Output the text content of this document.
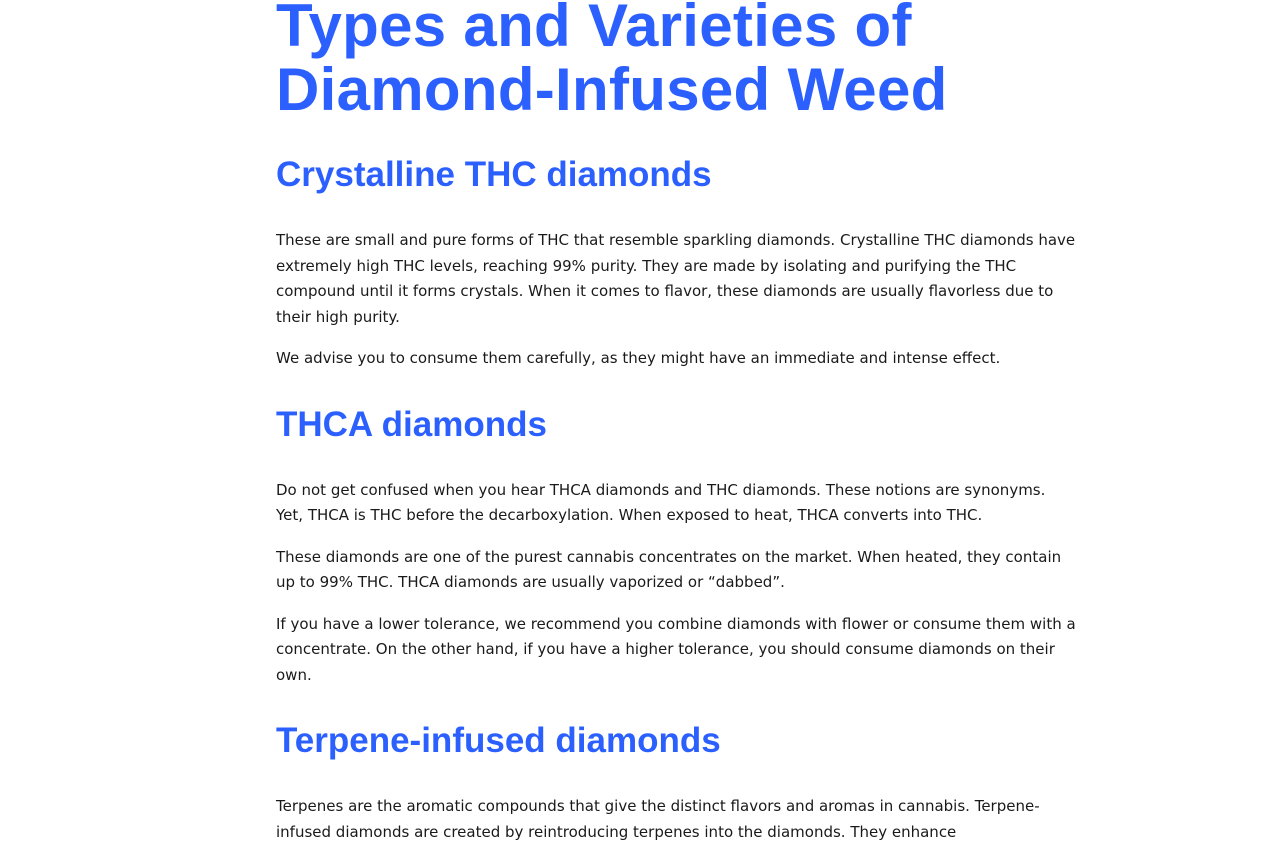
Types and Varieties of Diamond-Infused Weed
Crystalline THC diamonds

These are small and pure forms of THC that resemble sparkling diamonds. Crystalline THC diamonds have extremely high THC levels, reaching 99% purity. They are made by isolating and purifying the THC compound until it forms crystals. When it comes to flavor, these diamonds are usually flavorless due to their high purity.

We advise you to consume them carefully, as they might have an immediate and intense effect.

THCA diamonds

Do not get confused when you hear THCA diamonds and THC diamonds. These notions are synonyms. Yet, THCA is THC before the decarboxylation. When exposed to heat, THCA converts into THC.

These diamonds are one of the purest cannabis concentrates on the market. When heated, they contain up to 99% THC. THCA diamonds are usually vaporized or “dabbed”.

If you have a lower tolerance, we recommend you combine diamonds with flower or consume them with a concentrate. On the other hand, if you have a higher tolerance, you should consume diamonds on their own.

Terpene-infused diamonds

Terpenes are the aromatic compounds that give the distinct flavors and aromas in cannabis. Terpene-infused diamonds are created by reintroducing terpenes into the diamonds. They enhance
